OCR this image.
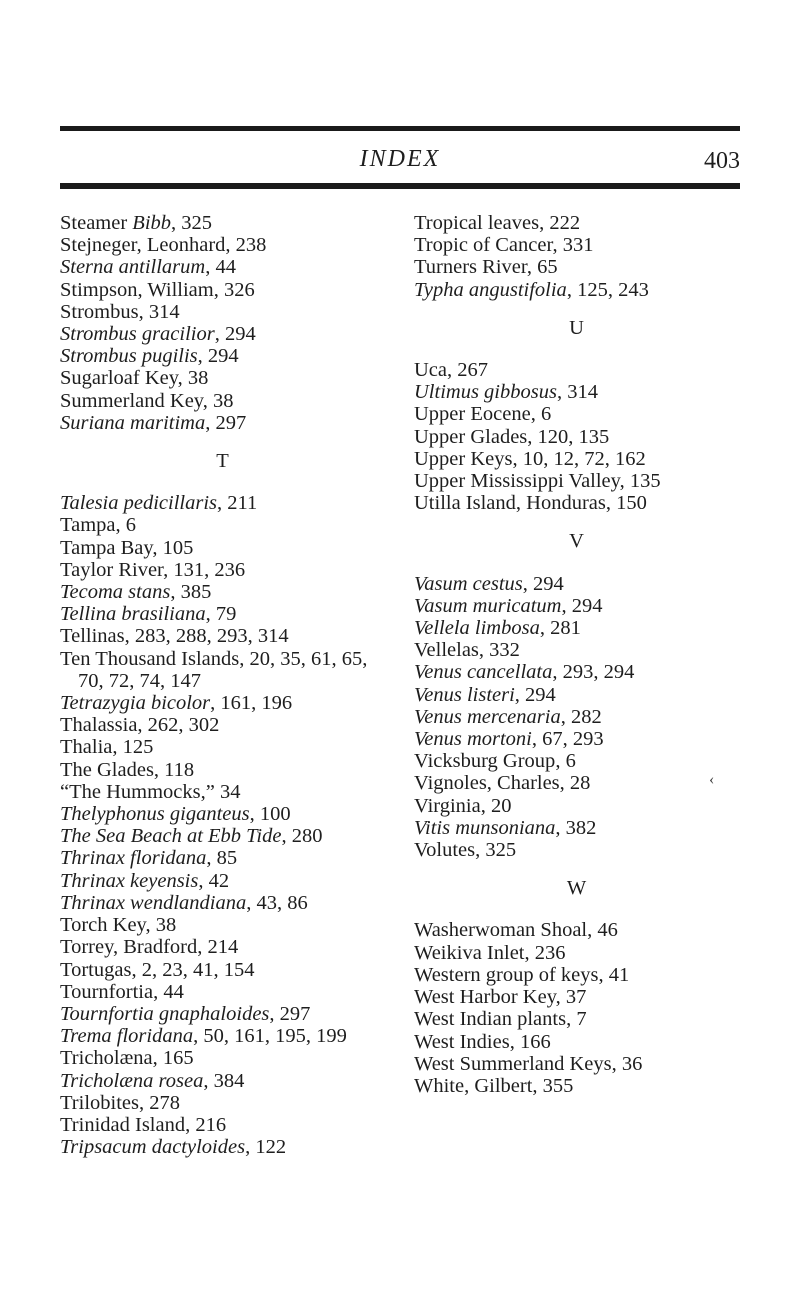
INDEX	403
Steamer Bibb, 325
Stejneger, Leonhard, 238
Sterna antillarum, 44
Stimpson, William, 326
Strombus, 314
Strombus gracilior, 294
Strombus pugilis, 294
Sugarloaf Key, 38
Summerland Key, 38
Suriana maritima, 297
T
Talesia pedicillaris, 211
Tampa, 6
Tampa Bay, 105
Taylor River, 131, 236
Tecoma stans, 385
Tellina brasiliana, 79
Tellinas, 283, 288, 293, 314
Ten Thousand Islands, 20, 35, 61, 65, 70, 72, 74, 147
Tetrazygia bicolor, 161, 196
Thalassia, 262, 302
Thalia, 125
The Glades, 118
“The Hummocks,” 34
Thelyphonus giganteus, 100
The Sea Beach at Ebb Tide, 280
Thrinax floridana, 85
Thrinax keyensis, 42
Thrinax wendlandiana, 43, 86
Torch Key, 38
Torrey, Bradford, 214
Tortugas, 2, 23, 41, 154
Tournfortia, 44
Tournfortia gnaphaloides, 297
Trema floridana, 50, 161, 195, 199
Tricholæna, 165
Tricholæna rosea, 384
Trilobites, 278
Trinidad Island, 216
Tripsacum dactyloides, 122
Tropical leaves, 222
Tropic of Cancer, 331
Turners River, 65
Typha angustifolia, 125, 243
U
Uca, 267
Ultimus gibbosus, 314
Upper Eocene, 6
Upper Glades, 120, 135
Upper Keys, 10, 12, 72, 162
Upper Mississippi Valley, 135
Utilla Island, Honduras, 150
V
Vasum cestus, 294
Vasum muricatum, 294
Vellela limbosa, 281
Vellelas, 332
Venus cancellata, 293, 294
Venus listeri, 294
Venus mercenaria, 282
Venus mortoni, 67, 293
Vicksburg Group, 6
Vignoles, Charles, 28
Virginia, 20
Vitis munsoniana, 382
Volutes, 325
W
Washerwoman Shoal, 46
Weikiva Inlet, 236
Western group of keys, 41
West Harbor Key, 37
West Indian plants, 7
West Indies, 166
West Summerland Keys, 36
White, Gilbert, 355
‹
